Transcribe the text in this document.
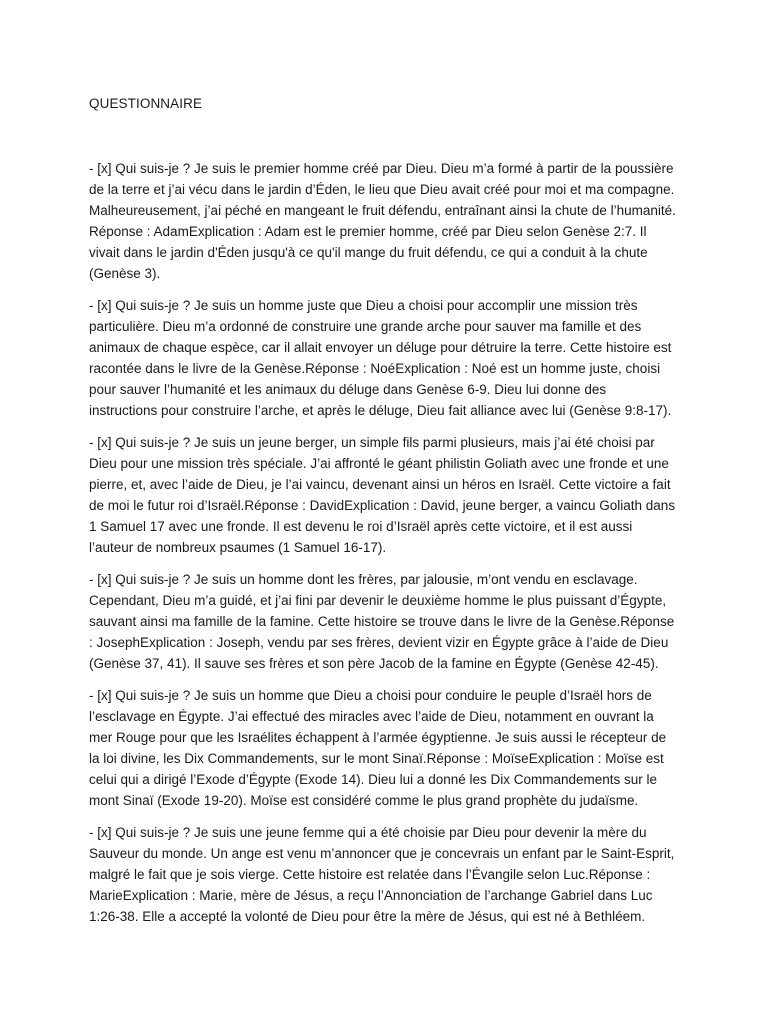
QUESTIONNAIRE

- [x] Qui suis-je ? Je suis le premier homme créé par Dieu. Dieu m’a formé à partir de la poussière de la terre et j’ai vécu dans le jardin d’Éden, le lieu que Dieu avait créé pour moi et ma compagne. Malheureusement, j’ai péché en mangeant le fruit défendu, entraînant ainsi la chute de l’humanité. Réponse : AdamExplication : Adam est le premier homme, créé par Dieu selon Genèse 2:7. Il vivait dans le jardin d'Éden jusqu'à ce qu'il mange du fruit défendu, ce qui a conduit à la chute (Genèse 3).

- [x] Qui suis-je ? Je suis un homme juste que Dieu a choisi pour accomplir une mission très particulière. Dieu m’a ordonné de construire une grande arche pour sauver ma famille et des animaux de chaque espèce, car il allait envoyer un déluge pour détruire la terre. Cette histoire est racontée dans le livre de la Genèse.Réponse : NoéExplication : Noé est un homme juste, choisi pour sauver l’humanité et les animaux du déluge dans Genèse 6-9. Dieu lui donne des instructions pour construire l’arche, et après le déluge, Dieu fait alliance avec lui (Genèse 9:8-17).

- [x] Qui suis-je ? Je suis un jeune berger, un simple fils parmi plusieurs, mais j’ai été choisi par Dieu pour une mission très spéciale. J’ai affronté le géant philistin Goliath avec une fronde et une pierre, et, avec l’aide de Dieu, je l’ai vaincu, devenant ainsi un héros en Israël. Cette victoire a fait de moi le futur roi d’Israël.Réponse : DavidExplication : David, jeune berger, a vaincu Goliath dans 1 Samuel 17 avec une fronde. Il est devenu le roi d’Israël après cette victoire, et il est aussi l’auteur de nombreux psaumes (1 Samuel 16-17).

- [x] Qui suis-je ? Je suis un homme dont les frères, par jalousie, m’ont vendu en esclavage. Cependant, Dieu m’a guidé, et j’ai fini par devenir le deuxième homme le plus puissant d’Égypte, sauvant ainsi ma famille de la famine. Cette histoire se trouve dans le livre de la Genèse.Réponse : JosephExplication : Joseph, vendu par ses frères, devient vizir en Égypte grâce à l’aide de Dieu (Genèse 37, 41). Il sauve ses frères et son père Jacob de la famine en Égypte (Genèse 42-45).

- [x] Qui suis-je ? Je suis un homme que Dieu a choisi pour conduire le peuple d’Israël hors de l’esclavage en Égypte. J’ai effectué des miracles avec l’aide de Dieu, notamment en ouvrant la mer Rouge pour que les Israélites échappent à l’armée égyptienne. Je suis aussi le récepteur de la loi divine, les Dix Commandements, sur le mont Sinaï.Réponse : MoïseExplication : Moïse est celui qui a dirigé l’Exode d’Égypte (Exode 14). Dieu lui a donné les Dix Commandements sur le mont Sinaï (Exode 19-20). Moïse est considéré comme le plus grand prophète du judaïsme.

- [x] Qui suis-je ? Je suis une jeune femme qui a été choisie par Dieu pour devenir la mère du Sauveur du monde. Un ange est venu m’annoncer que je concevrais un enfant par le Saint-Esprit, malgré le fait que je sois vierge. Cette histoire est relatée dans l’Évangile selon Luc.Réponse : MarieExplication : Marie, mère de Jésus, a reçu l’Annonciation de l’archange Gabriel dans Luc 1:26-38. Elle a accepté la volonté de Dieu pour être la mère de Jésus, qui est né à Bethléem.
